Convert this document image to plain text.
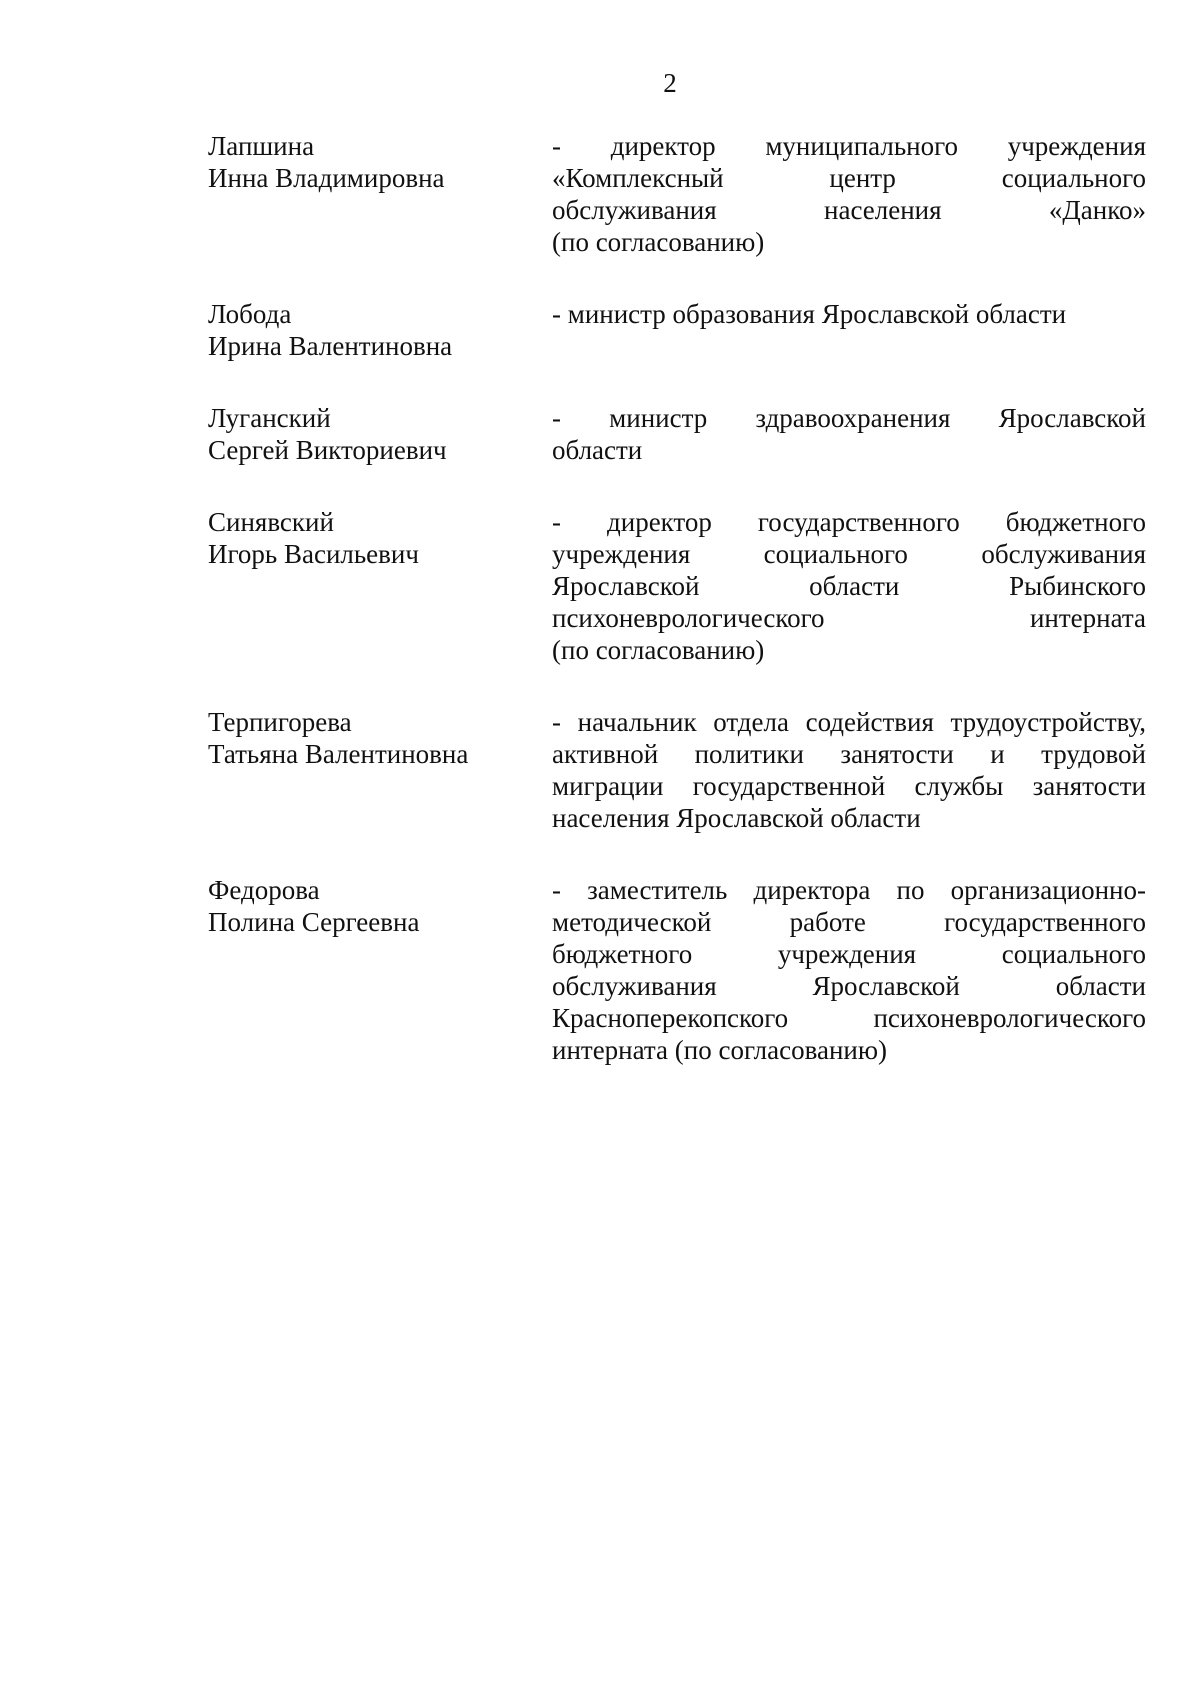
2
Лапшина
Инна Владимировна
- директор муниципального учреждения
«Комплексный центр социального
обслуживания населения «Данко»
(по согласованию)
Лобода
Ирина Валентиновна
- министр образования Ярославской области
Луганский
Сергей Викториевич
- министр здравоохранения Ярославской
области
Синявский
Игорь Васильевич
- директор государственного бюджетного
учреждения социального обслуживания
Ярославской области Рыбинского
психоневрологического интерната
(по согласованию)
Терпигорева
Татьяна Валентиновна
- начальник отдела содействия трудоустройству,
активной политики занятости и трудовой
миграции государственной службы занятости
населения Ярославской области
Федорова
Полина Сергеевна
- заместитель директора по организационно-
методической работе государственного
бюджетного учреждения социального
обслуживания Ярославской области
Краснoперекопского психоневрологического
интерната (по согласованию)
